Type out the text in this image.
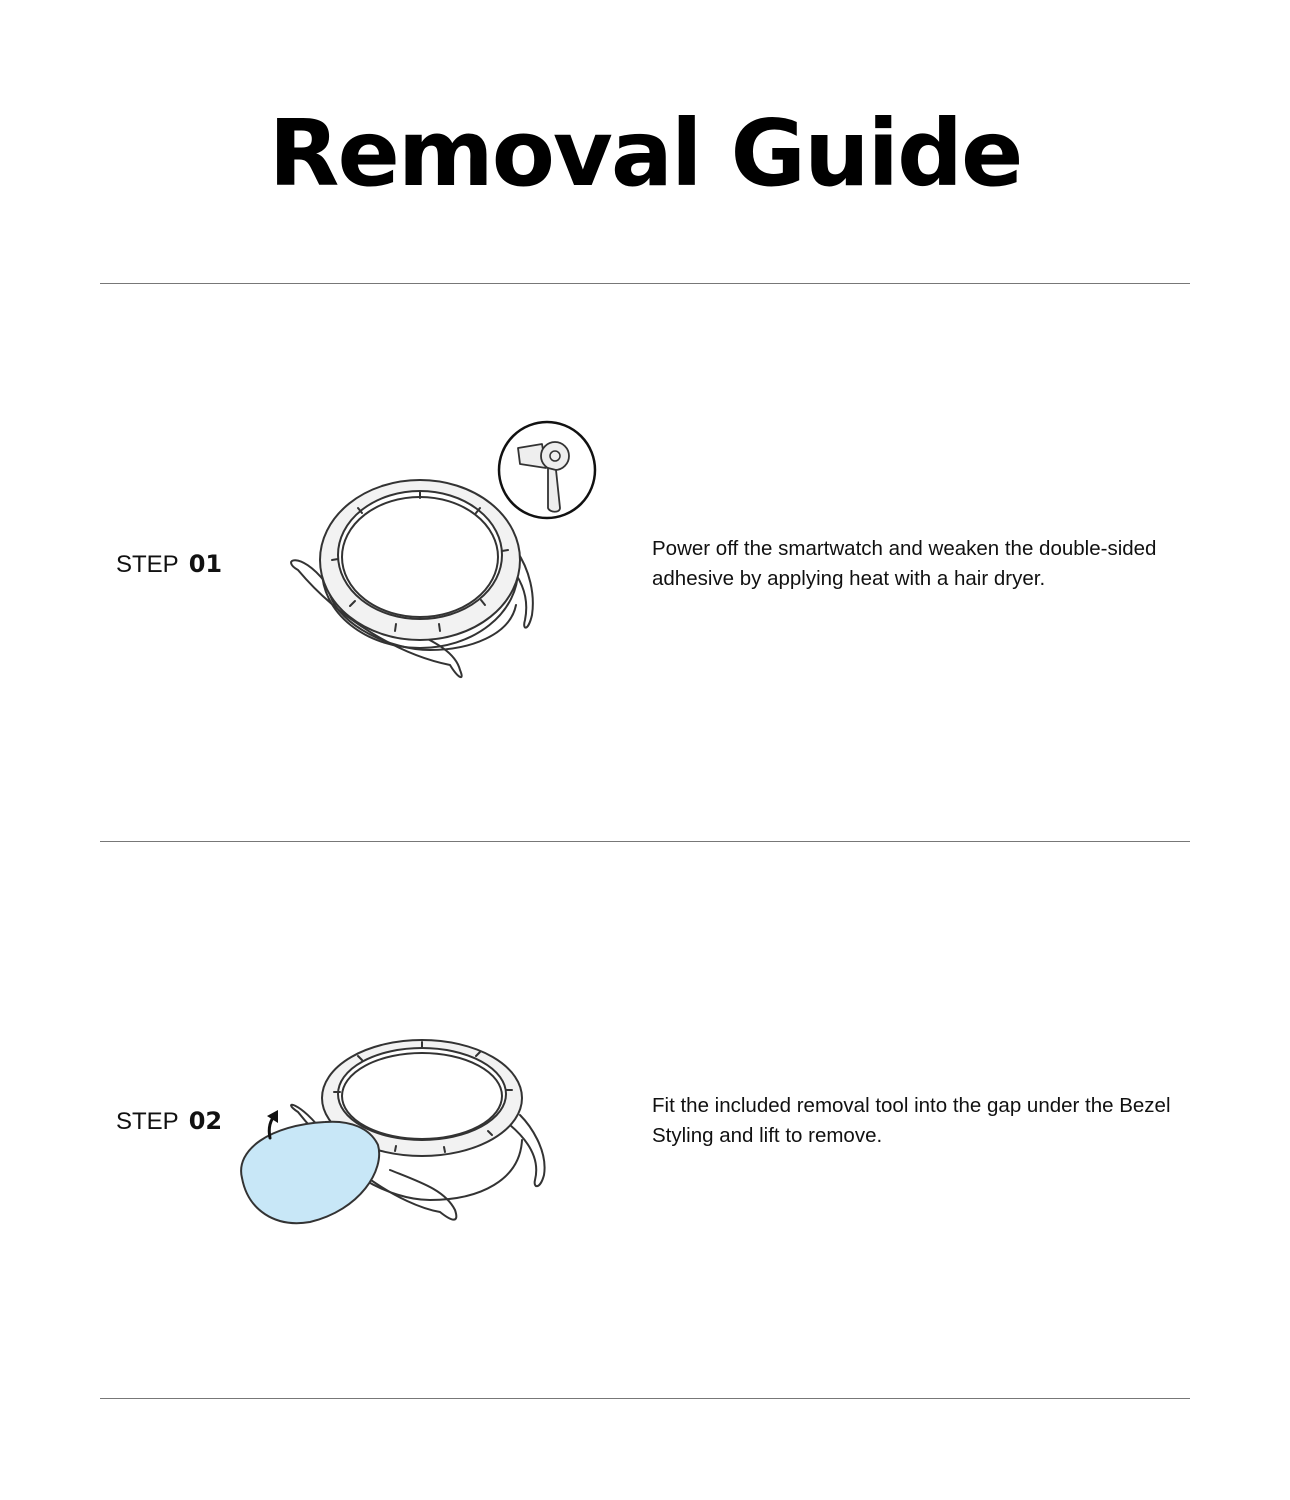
Removal Guide
STEP 01
Power off the smartwatch and weaken the double-sided adhesive by applying heat with a hair dryer.
STEP 02
Fit the included removal tool into the gap under the Bezel Styling and lift to remove.
